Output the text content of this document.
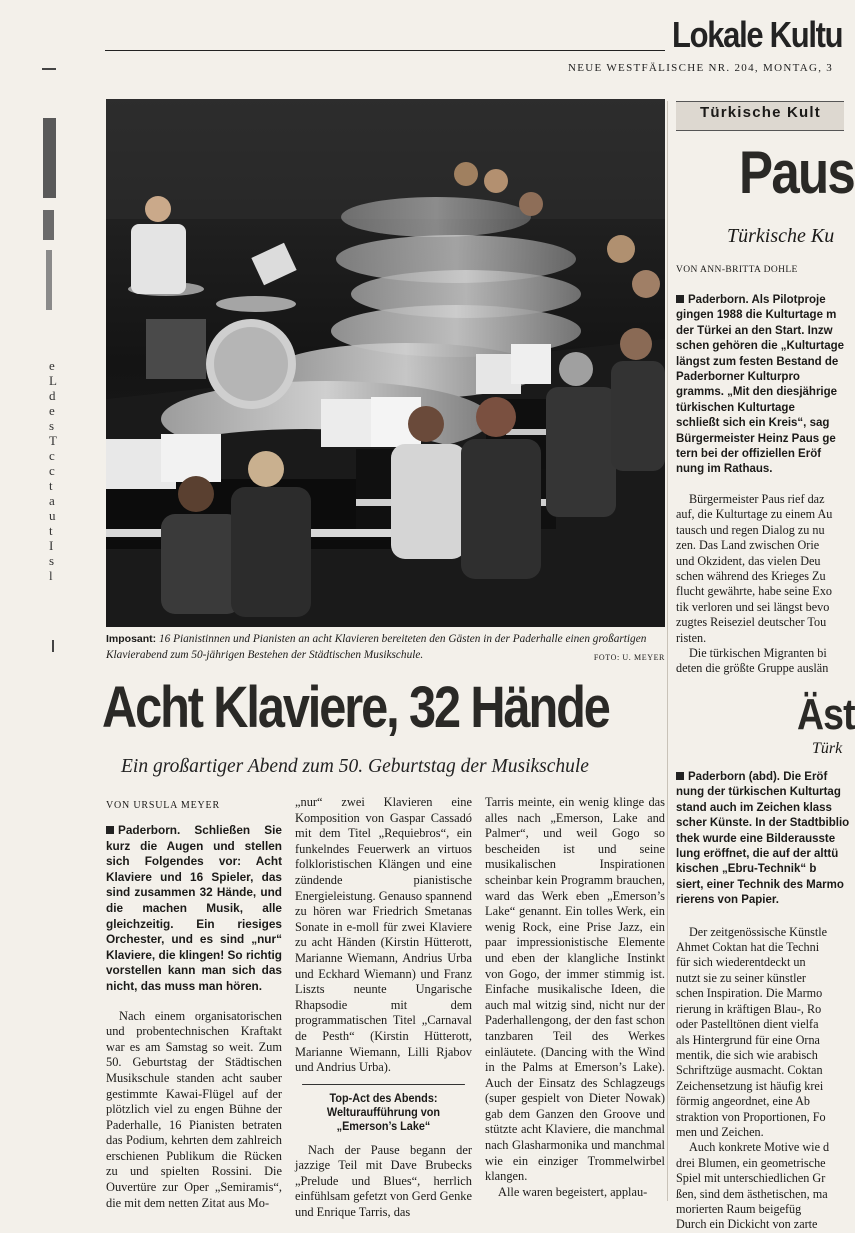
Lokale Kultu
NEUE WESTFÄLISCHE NR. 204, MONTAG, 3
e
L
d
e
s
T
c
c
t
a
u
t
I
s
l
Imposant: 16 Pianistinnen und Pianisten an acht Klavieren bereiteten den Gästen in der Paderhalle einen großartigen Klavierabend zum 50-jährigen Bestehen der Städtischen Musikschule.	FOTO: U. MEYER
Acht Klaviere, 32 Hände
Ein großartiger Abend zum 50. Geburtstag der Musikschule
VON URSULA MEYER

Paderborn. Schließen Sie kurz die Augen und stellen sich Folgendes vor: Acht Klaviere und 16 Spieler, das sind zusammen 32 Hände, und die machen Musik, alle gleichzeitig. Ein riesiges Orchester, und es sind „nur“ Klaviere, die klingen! So richtig vorstellen kann man sich das nicht, das muss man hören.

Nach einem organisatorischen und probentechnischen Kraftakt war es am Samstag so weit. Zum 50. Geburtstag der Städtischen Musikschule standen acht sauber gestimmte Kawai-Flügel auf der plötzlich viel zu engen Bühne der Paderhalle, 16 Pianisten betraten das Podium, kehrten dem zahlreich erschienen Publikum die Rücken zu und spielten Rossini. Die Ouvertüre zur Oper „Semiramis“, die mit dem netten Zitat aus Mo-

„nur“ zwei Klavieren eine Komposition von Gaspar Cassadó mit dem Titel „Requiebros“, ein funkelndes Feuerwerk an virtuos folkloristischen Klängen und eine zündende pianistische Energieleistung. Genauso spannend zu hören war Friedrich Smetanas Sonate in e-moll für zwei Klaviere zu acht Händen (Kirstin Hütterott, Marianne Wiemann, Andrius Urba und Eckhard Wiemann) und Franz Liszts neunte Ungarische Rhapsodie mit dem programmatischen Titel „Carnaval de Pesth“ (Kirstin Hütterott, Marianne Wiemann, Lilli Rjabov und Andrius Urba).

Top-Act des Abends:
Welturaufführung von
„Emerson’s Lake“

Nach der Pause begann der jazzige Teil mit Dave Brubecks „Prelude und Blues“, herrlich einfühlsam gefetzt von Gerd Genke und Enrique Tarris, das

Tarris meinte, ein wenig klinge das alles nach „Emerson, Lake and Palmer“, und weil Gogo so bescheiden ist und seine musikalischen Inspirationen scheinbar kein Programm brauchen, ward das Werk eben „Emerson’s Lake“ genannt. Ein tolles Werk, ein wenig Rock, eine Prise Jazz, ein paar impressionistische Elemente und eben der klangliche Instinkt von Gogo, der immer stimmig ist. Einfache musikalische Ideen, die auch mal witzig sind, nicht nur der Paderhallengong, der den fast schon tanzbaren Teil des Werkes einläutete. (Dancing with the Wind in the Palms at Emerson’s Lake). Auch der Einsatz des Schlagzeugs (super gespielt von Dieter Nowak) gab dem Ganzen den Groove und stützte acht Klaviere, die manchmal nach Glasharmonika und manchmal wie ein einziger Trommelwirbel klangen.

Alle waren begeistert, applau-

Türkische Kult
Paus
Türkische Ku
VON ANN-BRITTA DOHLE
Paderborn. Als Pilotproje
gingen 1988 die Kulturtage m
der Türkei an den Start. Inzw
schen gehören die „Kulturtage
längst zum festen Bestand de
Paderborner Kulturpro
gramms. „Mit den diesjährige
türkischen Kulturtage
schließt sich ein Kreis“, sag
Bürgermeister Heinz Paus ge
tern bei der offiziellen Eröf
nung im Rathaus.
Bürgermeister Paus rief daz
auf, die Kulturtage zu einem Au
tausch und regen Dialog zu nu
zen. Das Land zwischen Orie
und Okzident, das vielen Deu
schen während des Krieges Zu
flucht gewährte, habe seine Exo
tik verloren und sei längst bevo
zugtes Reiseziel deutscher Tou
risten.
Die türkischen Migranten bi
deten die größte Gruppe auslän
Äst
Türk
Paderborn (abd). Die Eröf
nung der türkischen Kulturtag
stand auch im Zeichen klass
scher Künste. In der Stadtbiblio
thek wurde eine Bilderausste
lung eröffnet, die auf der alttü
kischen „Ebru-Technik“ b
siert, einer Technik des Marmo
rierens von Papier.
Der zeitgenössische Künstle
Ahmet Coktan hat die Techni
für sich wiederentdeckt un
nutzt sie zu seiner künstler
schen Inspiration. Die Marmo
rierung in kräftigen Blau-, Ro
oder Pastelltönen dient vielfa
als Hintergrund für eine Orna
mentik, die sich wie arabisch
Schriftzüge ausmacht. Coktan
Zeichensetzung ist häufig krei
förmig angeordnet, eine Ab
straktion von Proportionen, Fo
men und Zeichen.
Auch konkrete Motive wie d
drei Blumen, ein geometrische
Spiel mit unterschiedlichen Gr
ßen, sind dem ästhetischen, ma
morierten Raum beigefüg
Durch ein Dickicht von zarte
